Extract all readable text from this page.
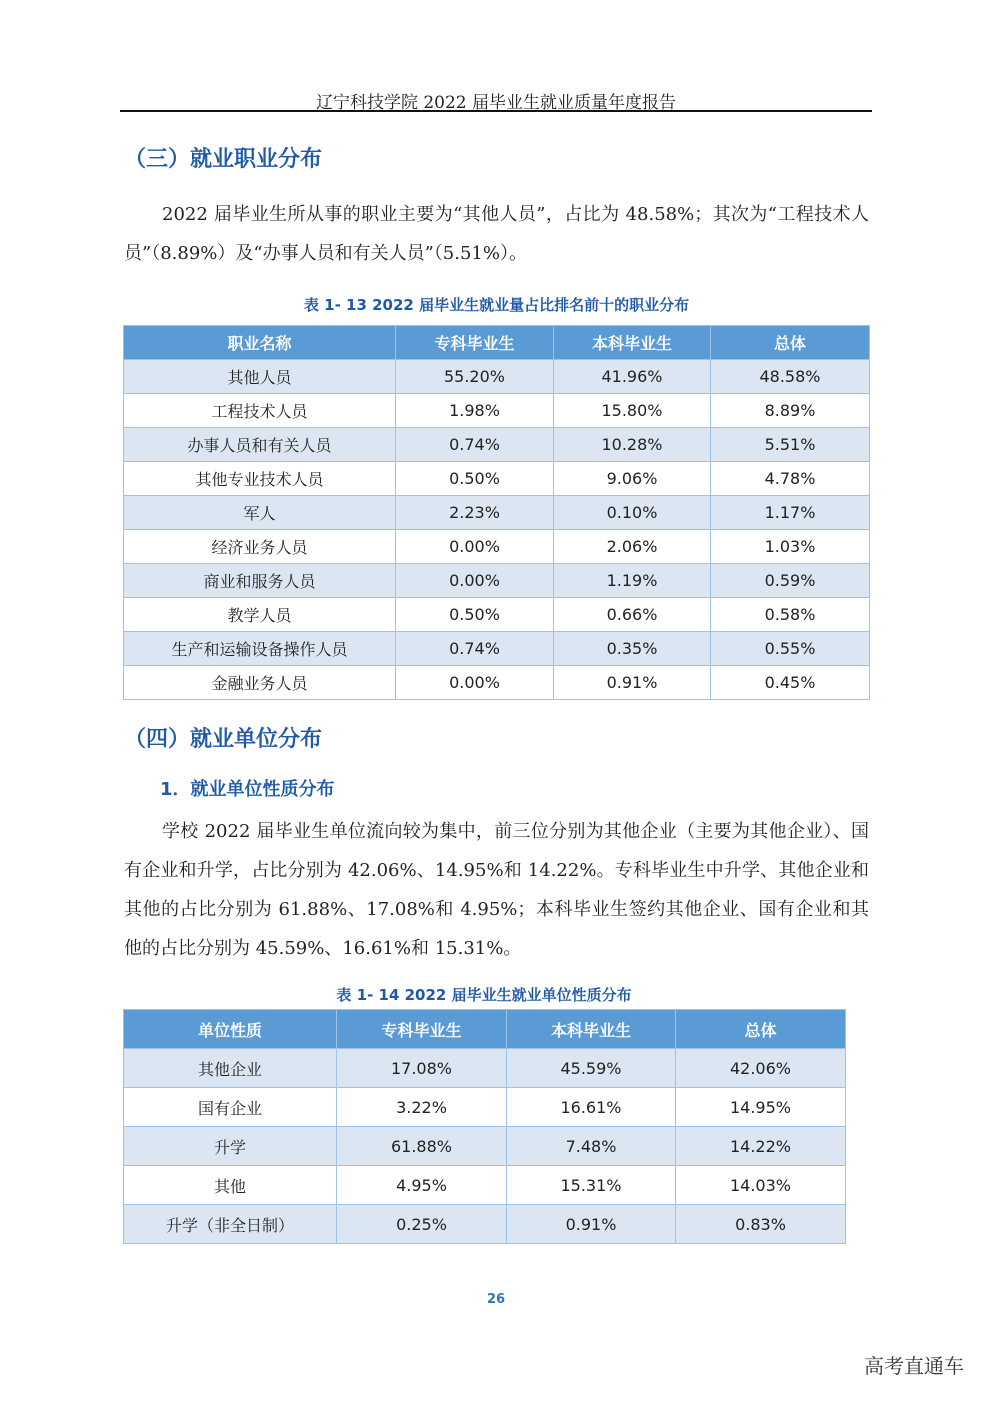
辽宁科技学院 2022 届毕业生就业质量年度报告
（三）就业职业分布
2022 届毕业生所从事的职业主要为“其他人员”，占比为 48.58%；其次为“工程技术人员”（8.89%）及“办事人员和有关人员”（5.51%）。
表 1- 13 2022 届毕业生就业量占比排名前十的职业分布
职业名称	专科毕业生	本科毕业生	总体
其他人员	55.20%	41.96%	48.58%
工程技术人员	1.98%	15.80%	8.89%
办事人员和有关人员	0.74%	10.28%	5.51%
其他专业技术人员	0.50%	9.06%	4.78%
军人	2.23%	0.10%	1.17%
经济业务人员	0.00%	2.06%	1.03%
商业和服务人员	0.00%	1.19%	0.59%
教学人员	0.50%	0.66%	0.58%
生产和运输设备操作人员	0.74%	0.35%	0.55%
金融业务人员	0.00%	0.91%	0.45%
（四）就业单位分布
1．就业单位性质分布
学校 2022 届毕业生单位流向较为集中，前三位分别为其他企业（主要为其他企业）、国有企业和升学，占比分别为 42.06%、14.95%和 14.22%。专科毕业生中升学、其他企业和其他的占比分别为 61.88%、17.08%和 4.95%；本科毕业生签约其他企业、国有企业和其他的占比分别为 45.59%、16.61%和 15.31%。
表 1- 14 2022 届毕业生就业单位性质分布
单位性质	专科毕业生	本科毕业生	总体
其他企业	17.08%	45.59%	42.06%
国有企业	3.22%	16.61%	14.95%
升学	61.88%	7.48%	14.22%
其他	4.95%	15.31%	14.03%
升学（非全日制）	0.25%	0.91%	0.83%
26
高考直通车
